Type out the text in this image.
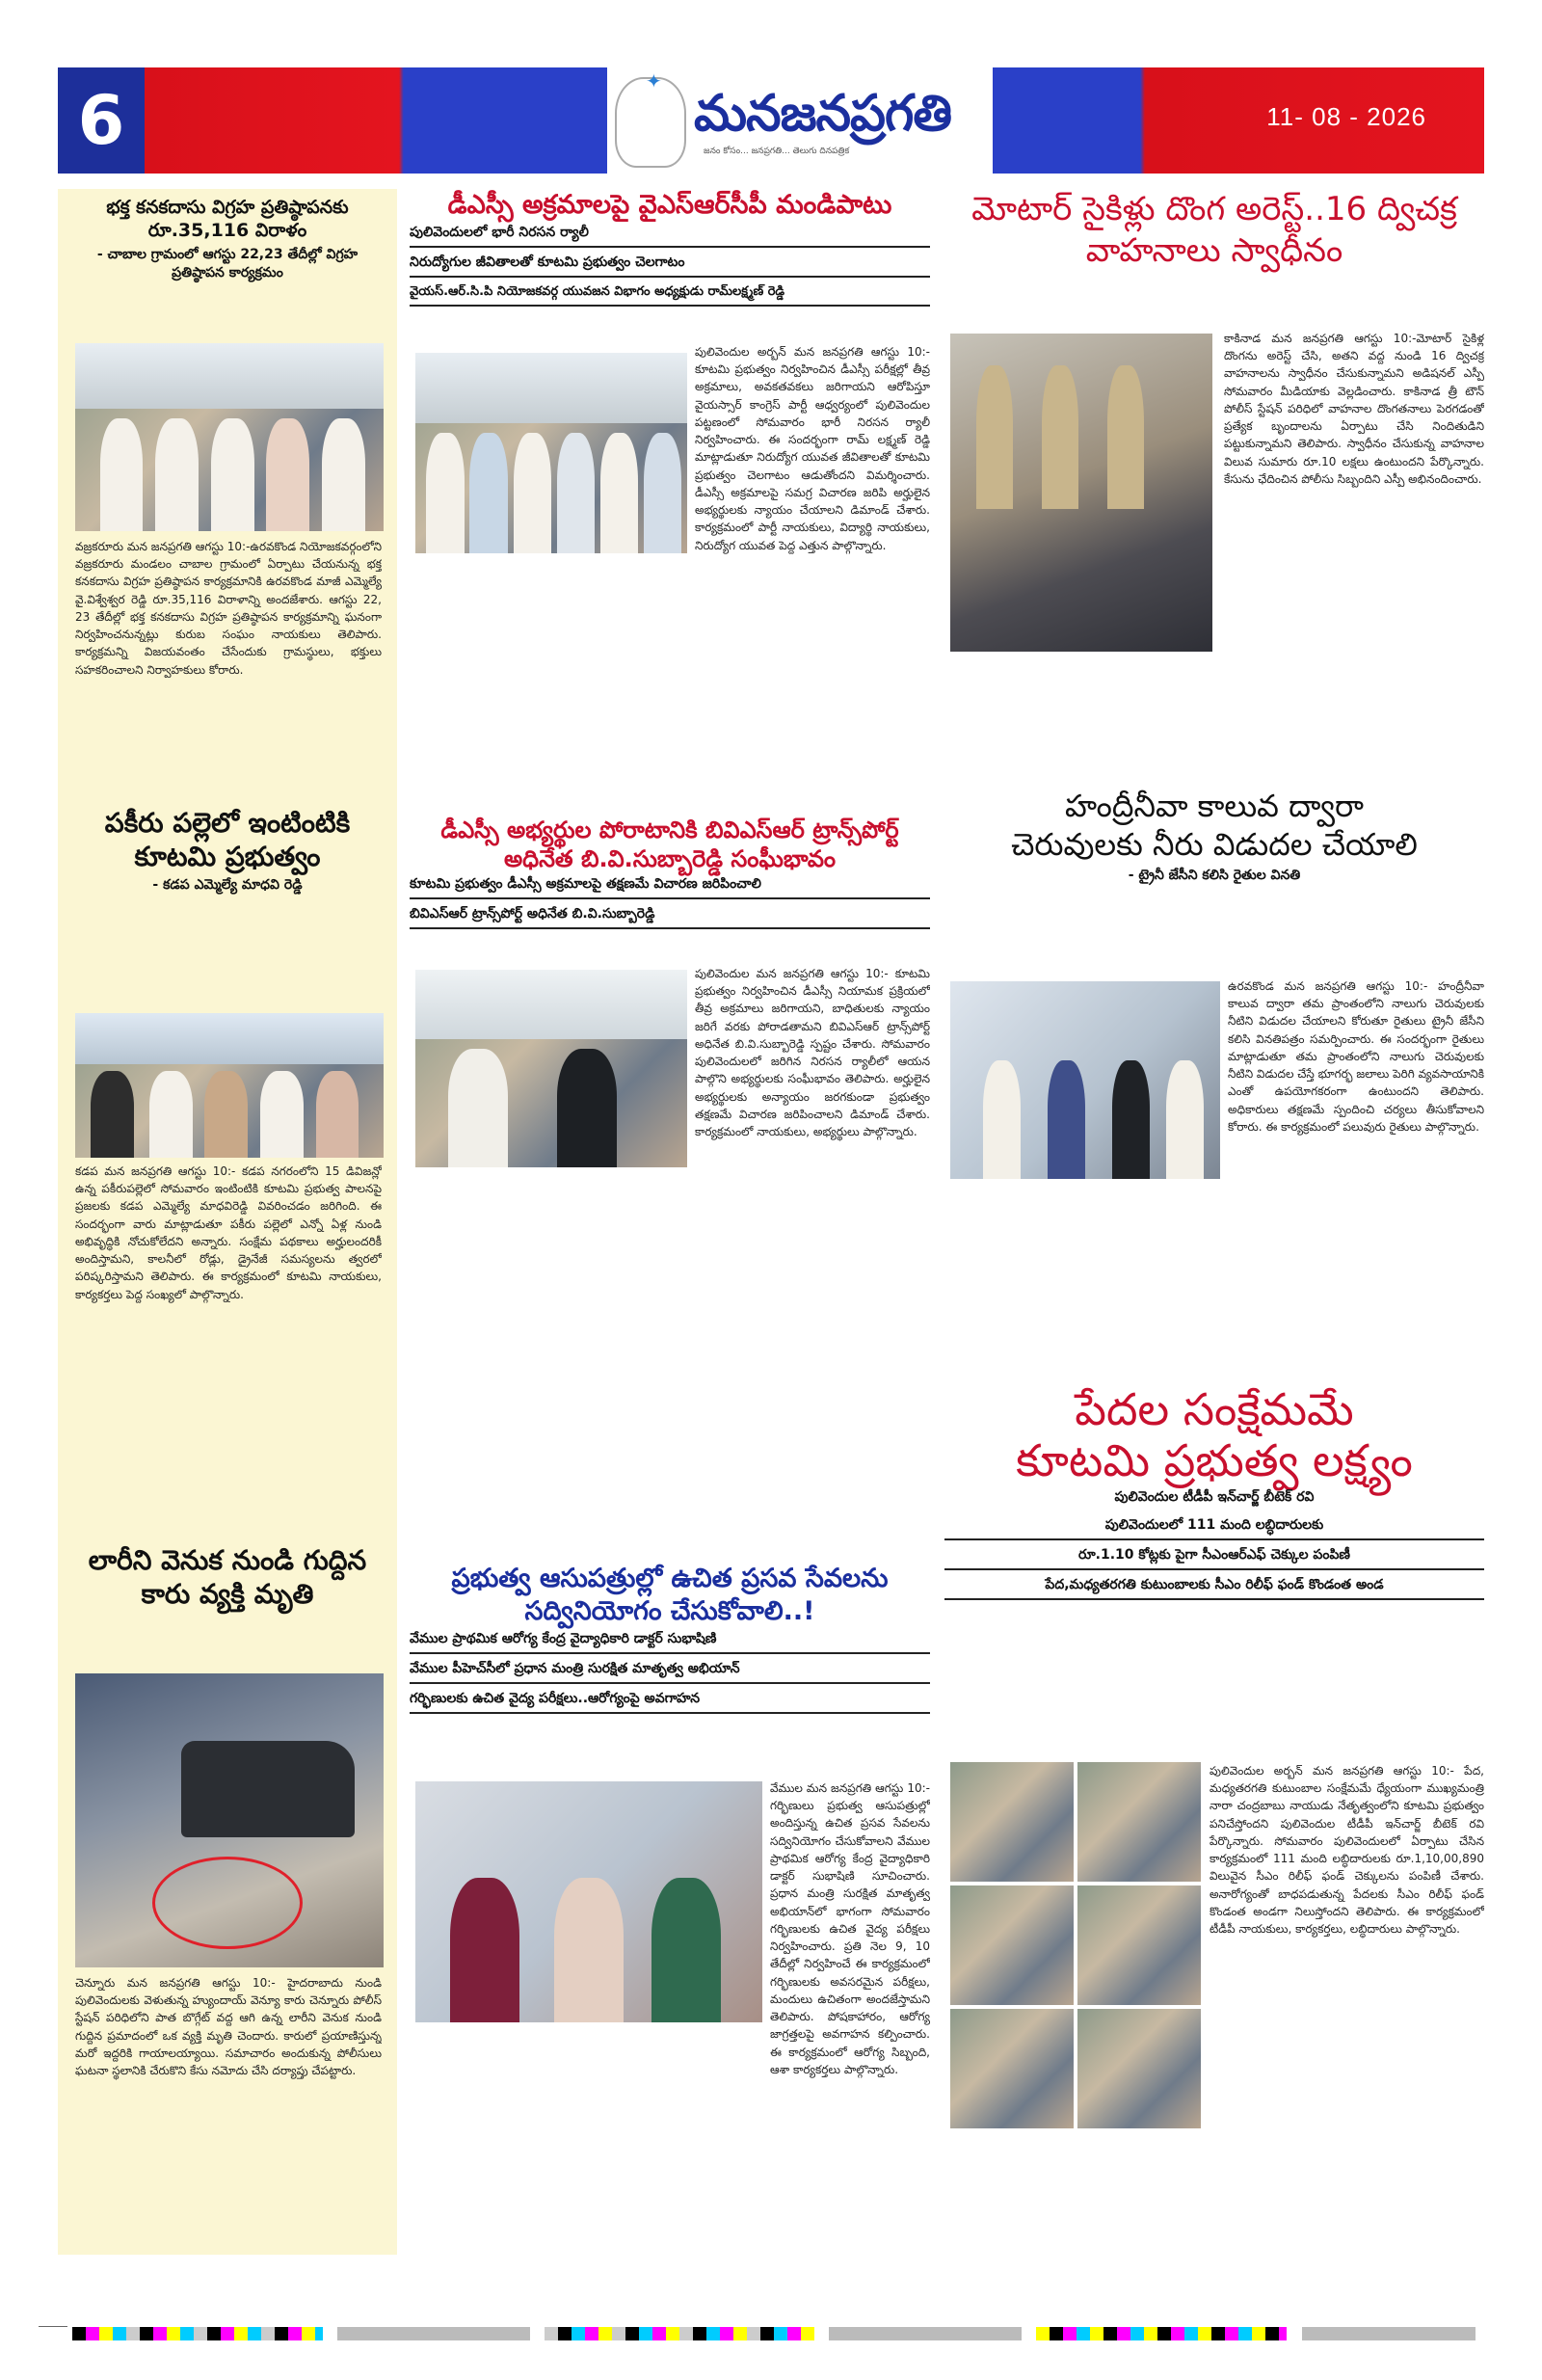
6	✦
మనజనప్రగతి
జనం కోసం... జనప్రగతి... తెలుగు దినపత్రిక
11- 08 - 2026
భక్త కనకదాసు విగ్రహ ప్రతిష్ఠాపనకు రూ.35,116 విరాళం

- చాబాల గ్రామంలో ఆగస్టు 22,23 తేదీల్లో విగ్రహ ప్రతిష్ఠాపన కార్యక్రమం

వజ్రకరూరు మన జనప్రగతి ఆగస్టు 10:-ఉరవకొండ నియోజకవర్గంలోని వజ్రకరూరు మండలం చాబాల గ్రామంలో ఏర్పాటు చేయనున్న భక్త కనకదాసు విగ్రహ ప్రతిష్ఠాపన కార్యక్రమానికి ఉరవకొండ మాజీ ఎమ్మెల్యే వై.విశ్వేశ్వర రెడ్డి రూ.35,116 విరాళాన్ని అందజేశారు. ఆగస్టు 22, 23 తేదీల్లో భక్త కనకదాసు విగ్రహ ప్రతిష్ఠాపన కార్యక్రమాన్ని ఘనంగా నిర్వహించనున్నట్లు కురుబ సంఘం నాయకులు తెలిపారు. కార్యక్రమన్ని విజయవంతం చేసేందుకు గ్రామస్థులు, భక్తులు సహకరించాలని నిర్వాహకులు కోరారు.

పకీరు పల్లెలో ఇంటింటికి కూటమి ప్రభుత్వం

- కడప ఎమ్మెల్యే మాధవి రెడ్డి

కడప మన జనప్రగతి ఆగస్టు 10:- కడప నగరంలోని 15 డివిజన్లో ఉన్న పకీరుపల్లెలో సోమవారం ఇంటింటికి కూటమి ప్రభుత్వ పాలనపై ప్రజలకు కడప ఎమ్మెల్యే మాధవిరెడ్డి వివరించడం జరిగింది. ఈ సందర్భంగా వారు మాట్లాడుతూ పకీరు పల్లెలో ఎన్నో ఏళ్ల నుండి అభివృద్ధికి నోచుకోలేదని అన్నారు. సంక్షేమ పథకాలు అర్హులందరికీ అందిస్తామని, కాలనీలో రోడ్లు, డ్రైనేజీ సమస్యలను త్వరలో పరిష్కరిస్తామని తెలిపారు. ఈ కార్యక్రమంలో కూటమి నాయకులు, కార్యకర్తలు పెద్ద సంఖ్యలో పాల్గొన్నారు.

లారీని వెనుక నుండి గుద్దిన కారు వ్యక్తి మృతి

చెన్నూరు మన జనప్రగతి ఆగస్టు 10:- హైదరాబాదు నుండి పులివెందులకు వెళుతున్న హ్యుందాయ్ వెన్యూ కారు చెన్నూరు పోలీస్ స్టేషన్ పరిధిలోని పాత బొగ్గేట్ వద్ద ఆగి ఉన్న లారీని వెనుక నుండి గుద్దిన ప్రమాదంలో ఒక వ్యక్తి మృతి చెందారు. కారులో ప్రయాణిస్తున్న మరో ఇద్దరికి గాయాలయ్యాయి. సమాచారం అందుకున్న పోలీసులు ఘటనా స్థలానికి చేరుకొని కేసు నమోదు చేసి దర్యాప్తు చేపట్టారు.

డీఎస్సీ అక్రమాలపై వైఎస్ఆర్‌సీపీ మండిపాటు
పులివెందులలో భారీ నిరసన ర్యాలీ
నిరుద్యోగుల జీవితాలతో కూటమి ప్రభుత్వం చెలగాటం
వైయస్.ఆర్.సి.పి నియోజకవర్గ యువజన విభాగం అధ్యక్షుడు రామ్‌లక్ష్మణ్ రెడ్డి

పులివెందుల అర్బన్ మన జనప్రగతి ఆగస్టు 10:-కూటమి ప్రభుత్వం నిర్వహించిన డీఎస్సీ పరీక్షల్లో తీవ్ర అక్రమాలు, అవకతవకలు జరిగాయని ఆరోపిస్తూ వైయస్సార్ కాంగ్రెస్ పార్టీ ఆధ్వర్యంలో పులివెందుల పట్టణంలో సోమవారం భారీ నిరసన ర్యాలీ నిర్వహించారు. ఈ సందర్భంగా రామ్ లక్ష్మణ్ రెడ్డి మాట్లాడుతూ నిరుద్యోగ యువత జీవితాలతో కూటమి ప్రభుత్వం చెలగాటం ఆడుతోందని విమర్శించారు. డీఎస్సీ అక్రమాలపై సమగ్ర విచారణ జరిపి అర్హులైన అభ్యర్థులకు న్యాయం చేయాలని డిమాండ్ చేశారు. కార్యక్రమంలో పార్టీ నాయకులు, విద్యార్థి నాయకులు, నిరుద్యోగ యువత పెద్ద ఎత్తున పాల్గొన్నారు.

డీఎస్సీ అభ్యర్థుల పోరాటానికి బివిఎస్ఆర్ ట్రాన్స్‌పోర్ట్ అధినేత బి.వి.సుబ్బారెడ్డి సంఘీభావం
కూటమి ప్రభుత్వం డీఎస్సీ అక్రమాలపై తక్షణమే విచారణ జరిపించాలి
బివిఎస్ఆర్ ట్రాన్స్‌పోర్ట్ అధినేత బి.వి.సుబ్బారెడ్డి

పులివెందుల మన జనప్రగతి ఆగస్టు 10:- కూటమి ప్రభుత్వం నిర్వహించిన డీఎస్సీ నియామక ప్రక్రియలో తీవ్ర అక్రమాలు జరిగాయని, బాధితులకు న్యాయం జరిగే వరకు పోరాడతామని బివిఎస్ఆర్ ట్రాన్స్‌పోర్ట్ అధినేత బి.వి.సుబ్బారెడ్డి స్పష్టం చేశారు. సోమవారం పులివెందులలో జరిగిన నిరసన ర్యాలీలో ఆయన పాల్గొని అభ్యర్థులకు సంఘీభావం తెలిపారు. అర్హులైన అభ్యర్థులకు అన్యాయం జరగకుండా ప్రభుత్వం తక్షణమే విచారణ జరిపించాలని డిమాండ్ చేశారు. కార్యక్రమంలో నాయకులు, అభ్యర్థులు పాల్గొన్నారు.

ప్రభుత్వ ఆసుపత్రుల్లో ఉచిత ప్రసవ సేవలను సద్వినియోగం చేసుకోవాలి..!
వేముల ప్రాథమిక ఆరోగ్య కేంద్ర వైద్యాధికారి డాక్టర్ సుభాషిణి
వేముల పీహెచ్‌సీలో ప్రధాన మంత్రి సురక్షిత మాతృత్వ అభియాన్
గర్భిణులకు ఉచిత వైద్య పరీక్షలు..ఆరోగ్యంపై అవగాహన

వేముల మన జనప్రగతి ఆగస్టు 10:-గర్భిణులు ప్రభుత్వ ఆసుపత్రుల్లో అందిస్తున్న ఉచిత ప్రసవ సేవలను సద్వినియోగం చేసుకోవాలని వేముల ప్రాథమిక ఆరోగ్య కేంద్ర వైద్యాధికారి డాక్టర్ సుభాషిణి సూచించారు. ప్రధాన మంత్రి సురక్షిత మాతృత్వ అభియాన్‌లో భాగంగా సోమవారం గర్భిణులకు ఉచిత వైద్య పరీక్షలు నిర్వహించారు. ప్రతి నెల 9, 10 తేదీల్లో నిర్వహించే ఈ కార్యక్రమంలో గర్భిణులకు అవసరమైన పరీక్షలు, మందులు ఉచితంగా అందజేస్తామని తెలిపారు. పోషకాహారం, ఆరోగ్య జాగ్రత్తలపై అవగాహన కల్పించారు. ఈ కార్యక్రమంలో ఆరోగ్య సిబ్బంది, ఆశా కార్యకర్తలు పాల్గొన్నారు.

మోటార్ సైకిళ్లు దొంగ అరెస్ట్..16 ద్విచక్ర వాహనాలు స్వాధీనం

కాకినాడ మన జనప్రగతి ఆగస్టు 10:-మోటార్ సైకిళ్ల దొంగను అరెస్ట్ చేసి, అతని వద్ద నుండి 16 ద్విచక్ర వాహనాలను స్వాధీనం చేసుకున్నామని అడిషనల్ ఎస్పీ సోమవారం మీడియాకు వెల్లడించారు. కాకినాడ త్రీ టౌన్ పోలీస్ స్టేషన్ పరిధిలో వాహనాల దొంగతనాలు పెరగడంతో ప్రత్యేక బృందాలను ఏర్పాటు చేసి నిందితుడిని పట్టుకున్నామని తెలిపారు. స్వాధీనం చేసుకున్న వాహనాల విలువ సుమారు రూ.10 లక్షలు ఉంటుందని పేర్కొన్నారు. కేసును ఛేదించిన పోలీసు సిబ్బందిని ఎస్పీ అభినందించారు.

హంద్రీనీవా కాలువ ద్వారా
చెరువులకు నీరు విడుదల చేయాలి

- ట్రైనీ జేసీని కలిసి రైతుల వినతి

ఉరవకొండ మన జనప్రగతి ఆగస్టు 10:- హంద్రీనీవా కాలువ ద్వారా తమ ప్రాంతంలోని నాలుగు చెరువులకు నీటిని విడుదల చేయాలని కోరుతూ రైతులు ట్రైనీ జేసీని కలిసి వినతిపత్రం సమర్పించారు. ఈ సందర్భంగా రైతులు మాట్లాడుతూ తమ ప్రాంతంలోని నాలుగు చెరువులకు నీటిని విడుదల చేస్తే భూగర్భ జలాలు పెరిగి వ్యవసాయానికి ఎంతో ఉపయోగకరంగా ఉంటుందని తెలిపారు. అధికారులు తక్షణమే స్పందించి చర్యలు తీసుకోవాలని కోరారు. ఈ కార్యక్రమంలో పలువురు రైతులు పాల్గొన్నారు.

పేదల సంక్షేమమే
కూటమి ప్రభుత్వ లక్ష్యం
పులివెందుల టీడీపీ ఇన్‌చార్జ్ బీటెక్ రవి
పులివెందులలో 111 మంది లబ్ధిదారులకు
రూ.1.10 కోట్లకు పైగా సీఎంఆర్ఎఫ్ చెక్కుల పంపిణీ
పేద,మధ్యతరగతి కుటుంబాలకు సీఎం రిలీఫ్ ఫండ్ కొండంత అండ

పులివెందుల అర్బన్ మన జనప్రగతి ఆగస్టు 10:- పేద, మధ్యతరగతి కుటుంబాల సంక్షేమమే ధ్యేయంగా ముఖ్యమంత్రి నారా చంద్రబాబు నాయుడు నేతృత్వంలోని కూటమి ప్రభుత్వం పనిచేస్తోందని పులివెందుల టీడీపీ ఇన్‌చార్జ్ బీటెక్ రవి పేర్కొన్నారు. సోమవారం పులివెందులలో ఏర్పాటు చేసిన కార్యక్రమంలో 111 మంది లబ్ధిదారులకు రూ.1,10,00,890 విలువైన సీఎం రిలీఫ్ ఫండ్ చెక్కులను పంపిణీ చేశారు. అనారోగ్యంతో బాధపడుతున్న పేదలకు సీఎం రిలీఫ్ ఫండ్ కొండంత అండగా నిలుస్తోందని తెలిపారు. ఈ కార్యక్రమంలో టీడీపీ నాయకులు, కార్యకర్తలు, లబ్ధిదారులు పాల్గొన్నారు.
